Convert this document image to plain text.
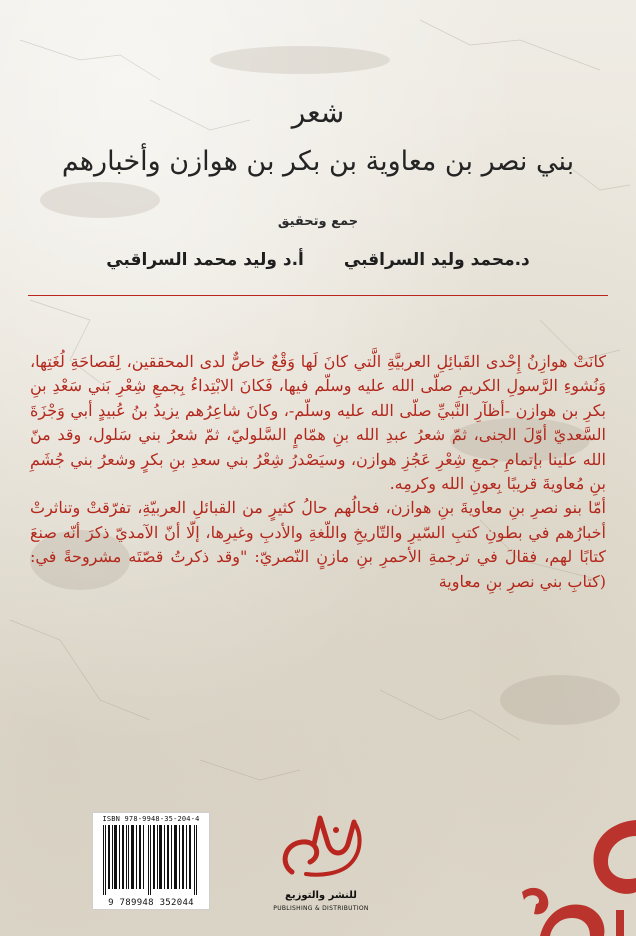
شعر
بني نصر بن معاوية بن بكر بن هوازن وأخبارهم
جمع وتحقيق
د.محمد وليد السراقبي
أ.د وليد محمد السراقبي

كانَتْ هوازِنُ إِحْدى القَبائِلِ العربيَّةِ الَّتي كانَ لَها وَقْعٌ خاصٌّ لدى المحققين، لِفَصاحَةِ لُغَتِها، وَنُشوءِ الرَّسولِ الكريمِ صلّى الله عليه وسلّم فيها، فَكانَ الابْتِداءُ بِجمعِ شِعْرِ بَني سَعْدِ بنِ بكرِ بن هوازن -أظآرِ النَّبيِّ صلّى الله عليه وسلّم-، وكانَ شاعِرُهم يزيدُ بنُ عُبيدٍ أبي وَجْزَةَ السَّعديّ أوّلَ الجنى، ثمّ شعرُ عبدِ الله بنِ همّامٍ السَّلوليّ، ثمّ شعرُ بني سَلول، وقد منّ الله علينا بإتمامِ جمعِ شِعْرِ عَجُزِ هوازن، وسيَصْدرُ شِعْرُ بني سعدِ بنِ بكرٍ وشعرُ بني جُشَمِ بنِ مُعاويةَ قريبًا بِعونِ الله وكرمِه.

أمّا بنو نصرِ بنِ معاويةَ بنِ هوازن، فحالُهم حالُ كثيرٍ من القبائلِ العربيّةِ، تفرّقتْ وتناثرتْ أخبارُهم في بطونِ كتبِ السّيرِ والتّاريخِ واللّغةِ والأدبِ وغيرِها، إلّا أنّ الآمديّ ذكرَ أنّه صنعَ كتابًا لهم، فقالَ في ترجمةِ الأحمرِ بنِ مازنٍ النّصريّ: "وقد ذكرتُ قصّتَه مشروحةً في: (كتابِ بني نصرِ بنِ معاوية

ISBN 978-9948-35-204-4
9 789948 352044
للنشر والتوزيع
PUBLISHING & DISTRIBUTION
